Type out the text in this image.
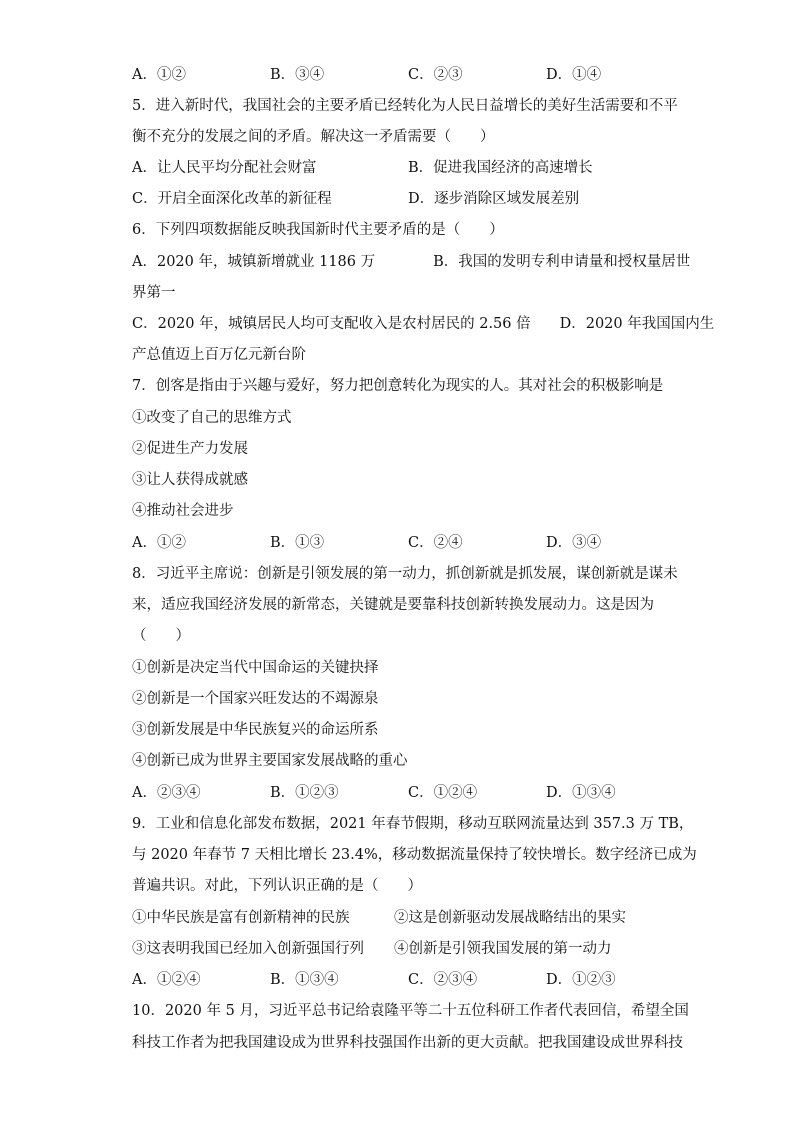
A．①②	B．③④	C．②③	D．①④
5．进入新时代，我国社会的主要矛盾已经转化为人民日益增长的美好生活需要和不平
衡不充分的发展之间的矛盾。解决这一矛盾需要（　　）
A．让人民平均分配社会财富	B．促进我国经济的高速增长
C．开启全面深化改革的新征程	D．逐步消除区域发展差别
6．下列四项数据能反映我国新时代主要矛盾的是（　　）
A．2020 年，城镇新增就业 1186 万　　　　B．我国的发明专利申请量和授权量居世
界第一
C．2020 年，城镇居民人均可支配收入是农村居民的 2.56 倍　　D．2020 年我国国内生
产总值迈上百万亿元新台阶
7．创客是指由于兴趣与爱好，努力把创意转化为现实的人。其对社会的积极影响是
①改变了自己的思维方式
②促进生产力发展
③让人获得成就感
④推动社会进步
A．①②	B．①③	C．②④	D．③④
8．习近平主席说：创新是引领发展的第一动力，抓创新就是抓发展，谋创新就是谋未
来，适应我国经济发展的新常态，关键就是要靠科技创新转换发展动力。这是因为
（　　）
①创新是决定当代中国命运的关键抉择
②创新是一个国家兴旺发达的不竭源泉
③创新发展是中华民族复兴的命运所系
④创新已成为世界主要国家发展战略的重心
A．②③④	B．①②③	C．①②④	D．①③④
9．工业和信息化部发布数据，2021 年春节假期，移动互联网流量达到 357.3 万 TB，
与 2020 年春节 7 天相比增长 23.4%，移动数据流量保持了较快增长。数字经济已成为
普遍共识。对此，下列认识正确的是（　　）
①中华民族是富有创新精神的民族	②这是创新驱动发展战略结出的果实
③这表明我国已经加入创新强国行列 ④创新是引领我国发展的第一动力
A．①②④	B．①③④	C．②③④	D．①②③
10．2020 年 5 月，习近平总书记给袁隆平等二十五位科研工作者代表回信，希望全国
科技工作者为把我国建设成为世界科技强国作出新的更大贡献。把我国建设成世界科技
